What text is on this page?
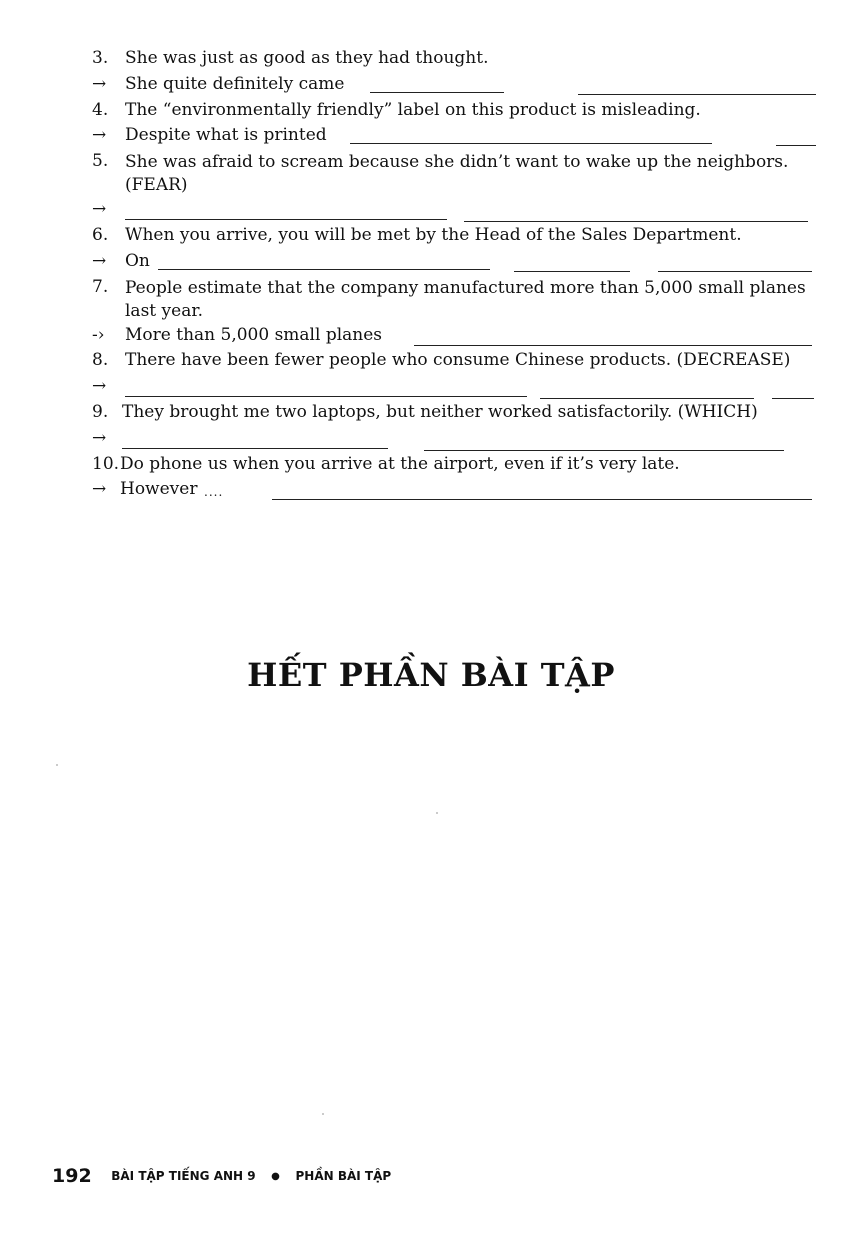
3. She was just as good as they had thought.
→ She quite definitely came
4. The “environmentally friendly” label on this product is misleading.
→ Despite what is printed
5. She was afraid to scream because she didn’t want to wake up the neighbors. (FEAR)
→
6. When you arrive, you will be met by the Head of the Sales Department.
→ On
7. People estimate that the company manufactured more than 5,000 small planes last year.
-› More than 5,000 small planes
8. There have been fewer people who consume Chinese products. (DECREASE)
→
9. They brought me two laptops, but neither worked satisfactorily. (WHICH)
→
10. Do phone us when you arrive at the airport, even if it’s very late.
→ However ....
HẾT PHẦN BÀI TẬP
192 BÀI TẬP TIẾNG ANH 9 ● PHẦN BÀI TẬP
